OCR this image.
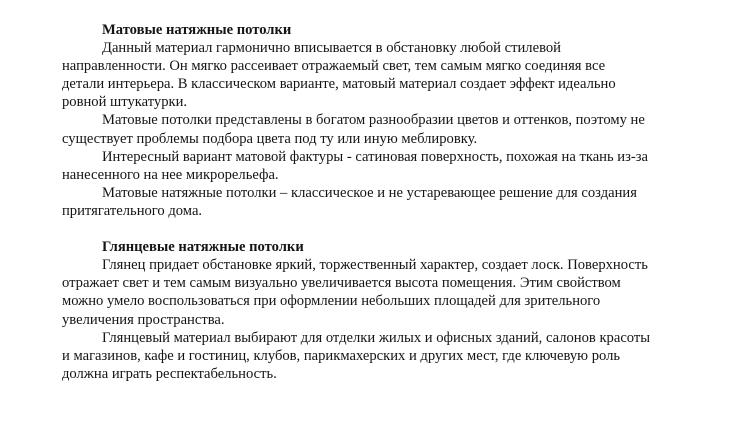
Матовые натяжные потолки
Данный материал гармонично вписывается в обстановку любой стилевой
направленности. Он мягко рассеивает отражаемый свет, тем самым мягко соединяя все
детали интерьера. В классическом варианте, матовый материал создает эффект идеально
ровной штукатурки.
Матовые потолки представлены в богатом разнообразии цветов и оттенков, поэтому не
существует проблемы подбора цвета под ту или иную меблировку.
Интересный вариант матовой фактуры - сатиновая поверхность, похожая на ткань из-за
нанесенного на нее микрорельефа.
Матовые натяжные потолки – классическое и не устаревающее решение для создания
притягательного дома.
Глянцевые натяжные потолки
Глянец придает обстановке яркий, торжественный характер, создает лоск. Поверхность
отражает свет и тем самым визуально увеличивается высота помещения. Этим свойством
можно умело воспользоваться при оформлении небольших площадей для зрительного
увеличения пространства.
Глянцевый материал выбирают для отделки жилых и офисных зданий, салонов красоты
и магазинов, кафе и гостиниц, клубов, парикмахерских и других мест, где ключевую роль
должна играть респектабельность.
